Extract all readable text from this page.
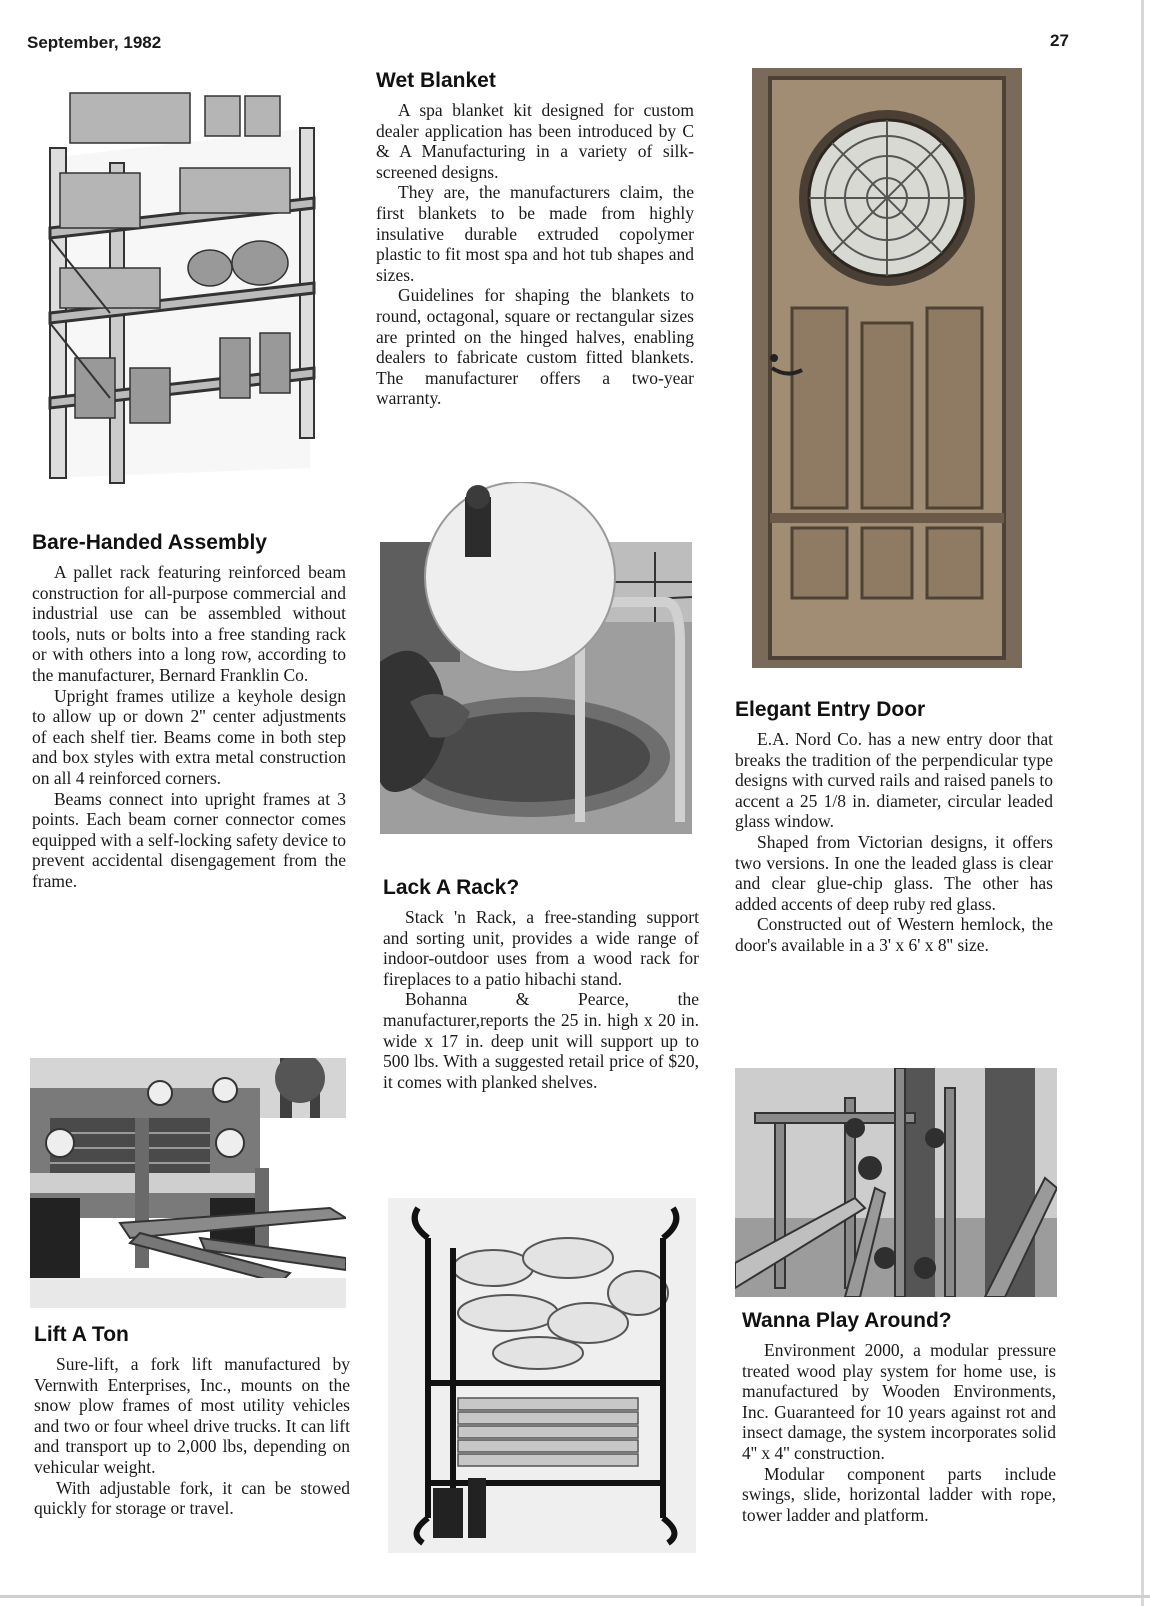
September, 1982	27
Wet Blanket

A spa blanket kit designed for custom dealer application has been introduced by C & A Manufacturing in a variety of silk-screened designs.

They are, the manufacturers claim, the first blankets to be made from highly insulative durable extruded copolymer plastic to fit most spa and hot tub shapes and sizes.

Guidelines for shaping the blankets to round, octagonal, square or rectangular sizes are printed on the hinged halves, enabling dealers to fabricate custom fitted blankets. The manufacturer offers a two-year warranty.

Bare-Handed Assembly

A pallet rack featuring reinforced beam construction for all-purpose commercial and industrial use can be assembled without tools, nuts or bolts into a free standing rack or with others into a long row, according to the manufacturer, Bernard Franklin Co.

Upright frames utilize a keyhole design to allow up or down 2'' center adjustments of each shelf tier. Beams come in both step and box styles with extra metal construction on all 4 reinforced corners.

Beams connect into upright frames at 3 points. Each beam corner connector comes equipped with a self-locking safety device to prevent accidental disengagement from the frame.

Elegant Entry Door

E.A. Nord Co. has a new entry door that breaks the tradition of the perpendicular type designs with curved rails and raised panels to accent a 25 1/8 in. diameter, circular leaded glass window.

Shaped from Victorian designs, it offers two versions. In one the leaded glass is clear and clear glue-chip glass. The other has added accents of deep ruby red glass.

Constructed out of Western hemlock, the door's available in a 3' x 6' x 8'' size.

Lack A Rack?

Stack 'n Rack, a free-standing support and sorting unit, provides a wide range of indoor-outdoor uses from a wood rack for fireplaces to a patio hibachi stand.

Bohanna & Pearce, the manufacturer,reports the 25 in. high x 20 in. wide x 17 in. deep unit will support up to 500 lbs. With a suggested retail price of $20, it comes with planked shelves.

Lift A Ton

Sure-lift, a fork lift manufactured by Vernwith Enterprises, Inc., mounts on the snow plow frames of most utility vehicles and two or four wheel drive trucks. It can lift and transport up to 2,000 lbs, depending on vehicular weight.

With adjustable fork, it can be stowed quickly for storage or travel.

Wanna Play Around?

Environment 2000, a modular pressure treated wood play system for home use, is manufactured by Wooden Environments, Inc. Guaranteed for 10 years against rot and insect damage, the system incorporates solid 4'' x 4'' construction.

Modular component parts include swings, slide, horizontal ladder with rope, tower ladder and platform.
